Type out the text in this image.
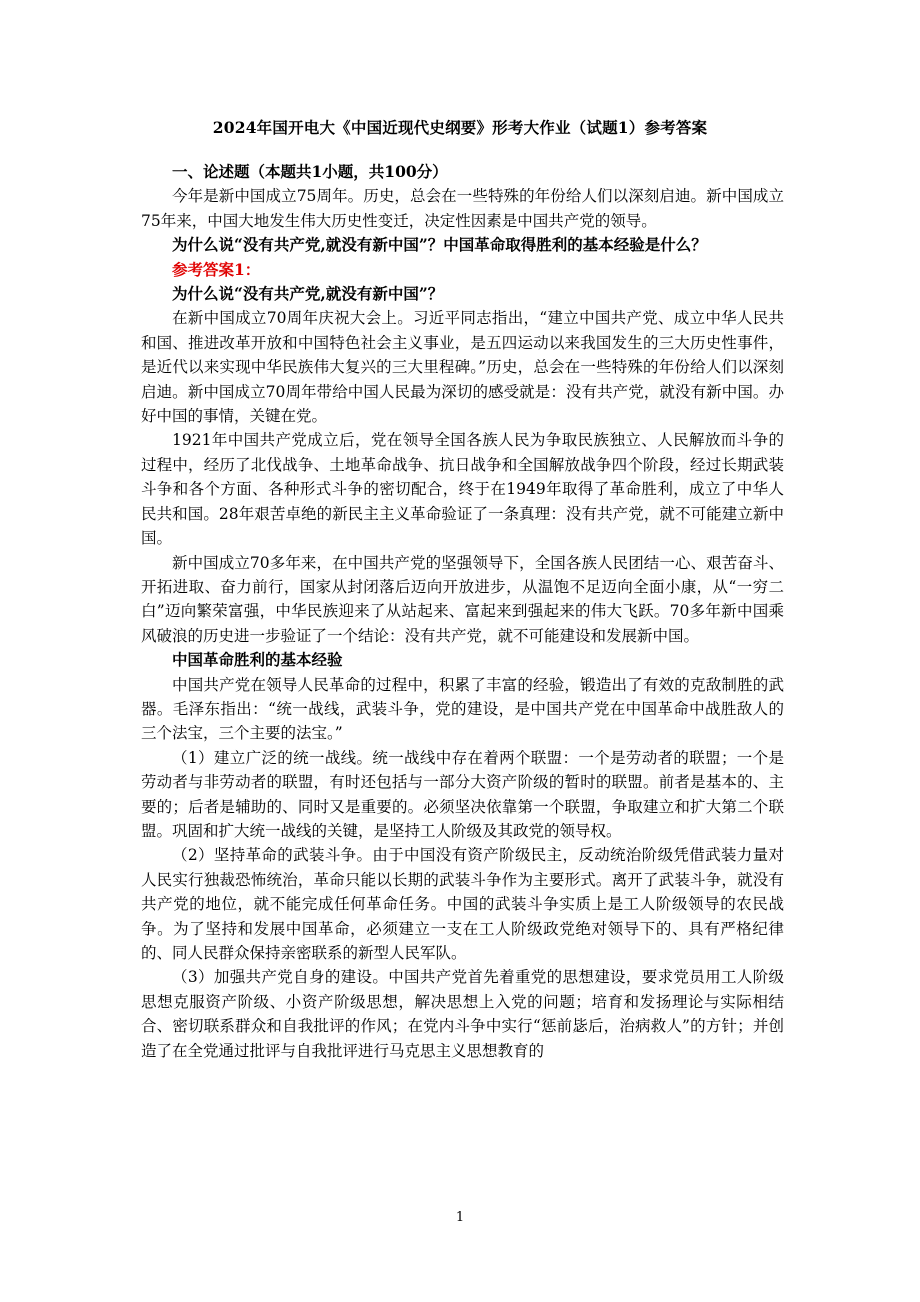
2024年国开电大《中国近现代史纲要》形考大作业（试题1）参考答案

一、论述题（本题共1小题，共100分）

今年是新中国成立75周年。历史，总会在一些特殊的年份给人们以深刻启迪。新中国成立75年来，中国大地发生伟大历史性变迁，决定性因素是中国共产党的领导。

为什么说“没有共产党,就没有新中国”？中国革命取得胜利的基本经验是什么？

参考答案1：

为什么说“没有共产党,就没有新中国”？

在新中国成立70周年庆祝大会上。习近平同志指出，“建立中国共产党、成立中华人民共和国、推进改革开放和中国特色社会主义事业，是五四运动以来我国发生的三大历史性事件，是近代以来实现中华民族伟大复兴的三大里程碑。”历史，总会在一些特殊的年份给人们以深刻启迪。新中国成立70周年带给中国人民最为深切的感受就是：没有共产党，就没有新中国。办好中国的事情，关键在党。

1921年中国共产党成立后，党在领导全国各族人民为争取民族独立、人民解放而斗争的过程中，经历了北伐战争、土地革命战争、抗日战争和全国解放战争四个阶段，经过长期武装斗争和各个方面、各种形式斗争的密切配合，终于在1949年取得了革命胜利，成立了中华人民共和国。28年艰苦卓绝的新民主主义革命验证了一条真理：没有共产党，就不可能建立新中国。

新中国成立70多年来，在中国共产党的坚强领导下，全国各族人民团结一心、艰苦奋斗、开拓进取、奋力前行，国家从封闭落后迈向开放进步，从温饱不足迈向全面小康，从“一穷二白”迈向繁荣富强，中华民族迎来了从站起来、富起来到强起来的伟大飞跃。70多年新中国乘风破浪的历史进一步验证了一个结论：没有共产党，就不可能建设和发展新中国。

中国革命胜利的基本经验

中国共产党在领导人民革命的过程中，积累了丰富的经验，锻造出了有效的克敌制胜的武器。毛泽东指出：“统一战线，武装斗争，党的建设，是中国共产党在中国革命中战胜敌人的三个法宝，三个主要的法宝。”

（1）建立广泛的统一战线。统一战线中存在着两个联盟：一个是劳动者的联盟；一个是劳动者与非劳动者的联盟，有时还包括与一部分大资产阶级的暂时的联盟。前者是基本的、主要的；后者是辅助的、同时又是重要的。必须坚决依靠第一个联盟，争取建立和扩大第二个联盟。巩固和扩大统一战线的关键，是坚持工人阶级及其政党的领导权。

（2）坚持革命的武装斗争。由于中国没有资产阶级民主，反动统治阶级凭借武装力量对人民实行独裁恐怖统治，革命只能以长期的武装斗争作为主要形式。离开了武装斗争，就没有共产党的地位，就不能完成任何革命任务。中国的武装斗争实质上是工人阶级领导的农民战争。为了坚持和发展中国革命，必须建立一支在工人阶级政党绝对领导下的、具有严格纪律的、同人民群众保持亲密联系的新型人民军队。

（3）加强共产党自身的建设。中国共产党首先着重党的思想建设，要求党员用工人阶级思想克服资产阶级、小资产阶级思想，解决思想上入党的问题；培育和发扬理论与实际相结合、密切联系群众和自我批评的作风；在党内斗争中实行“惩前毖后，治病救人”的方针；并创造了在全党通过批评与自我批评进行马克思主义思想教育的

1
